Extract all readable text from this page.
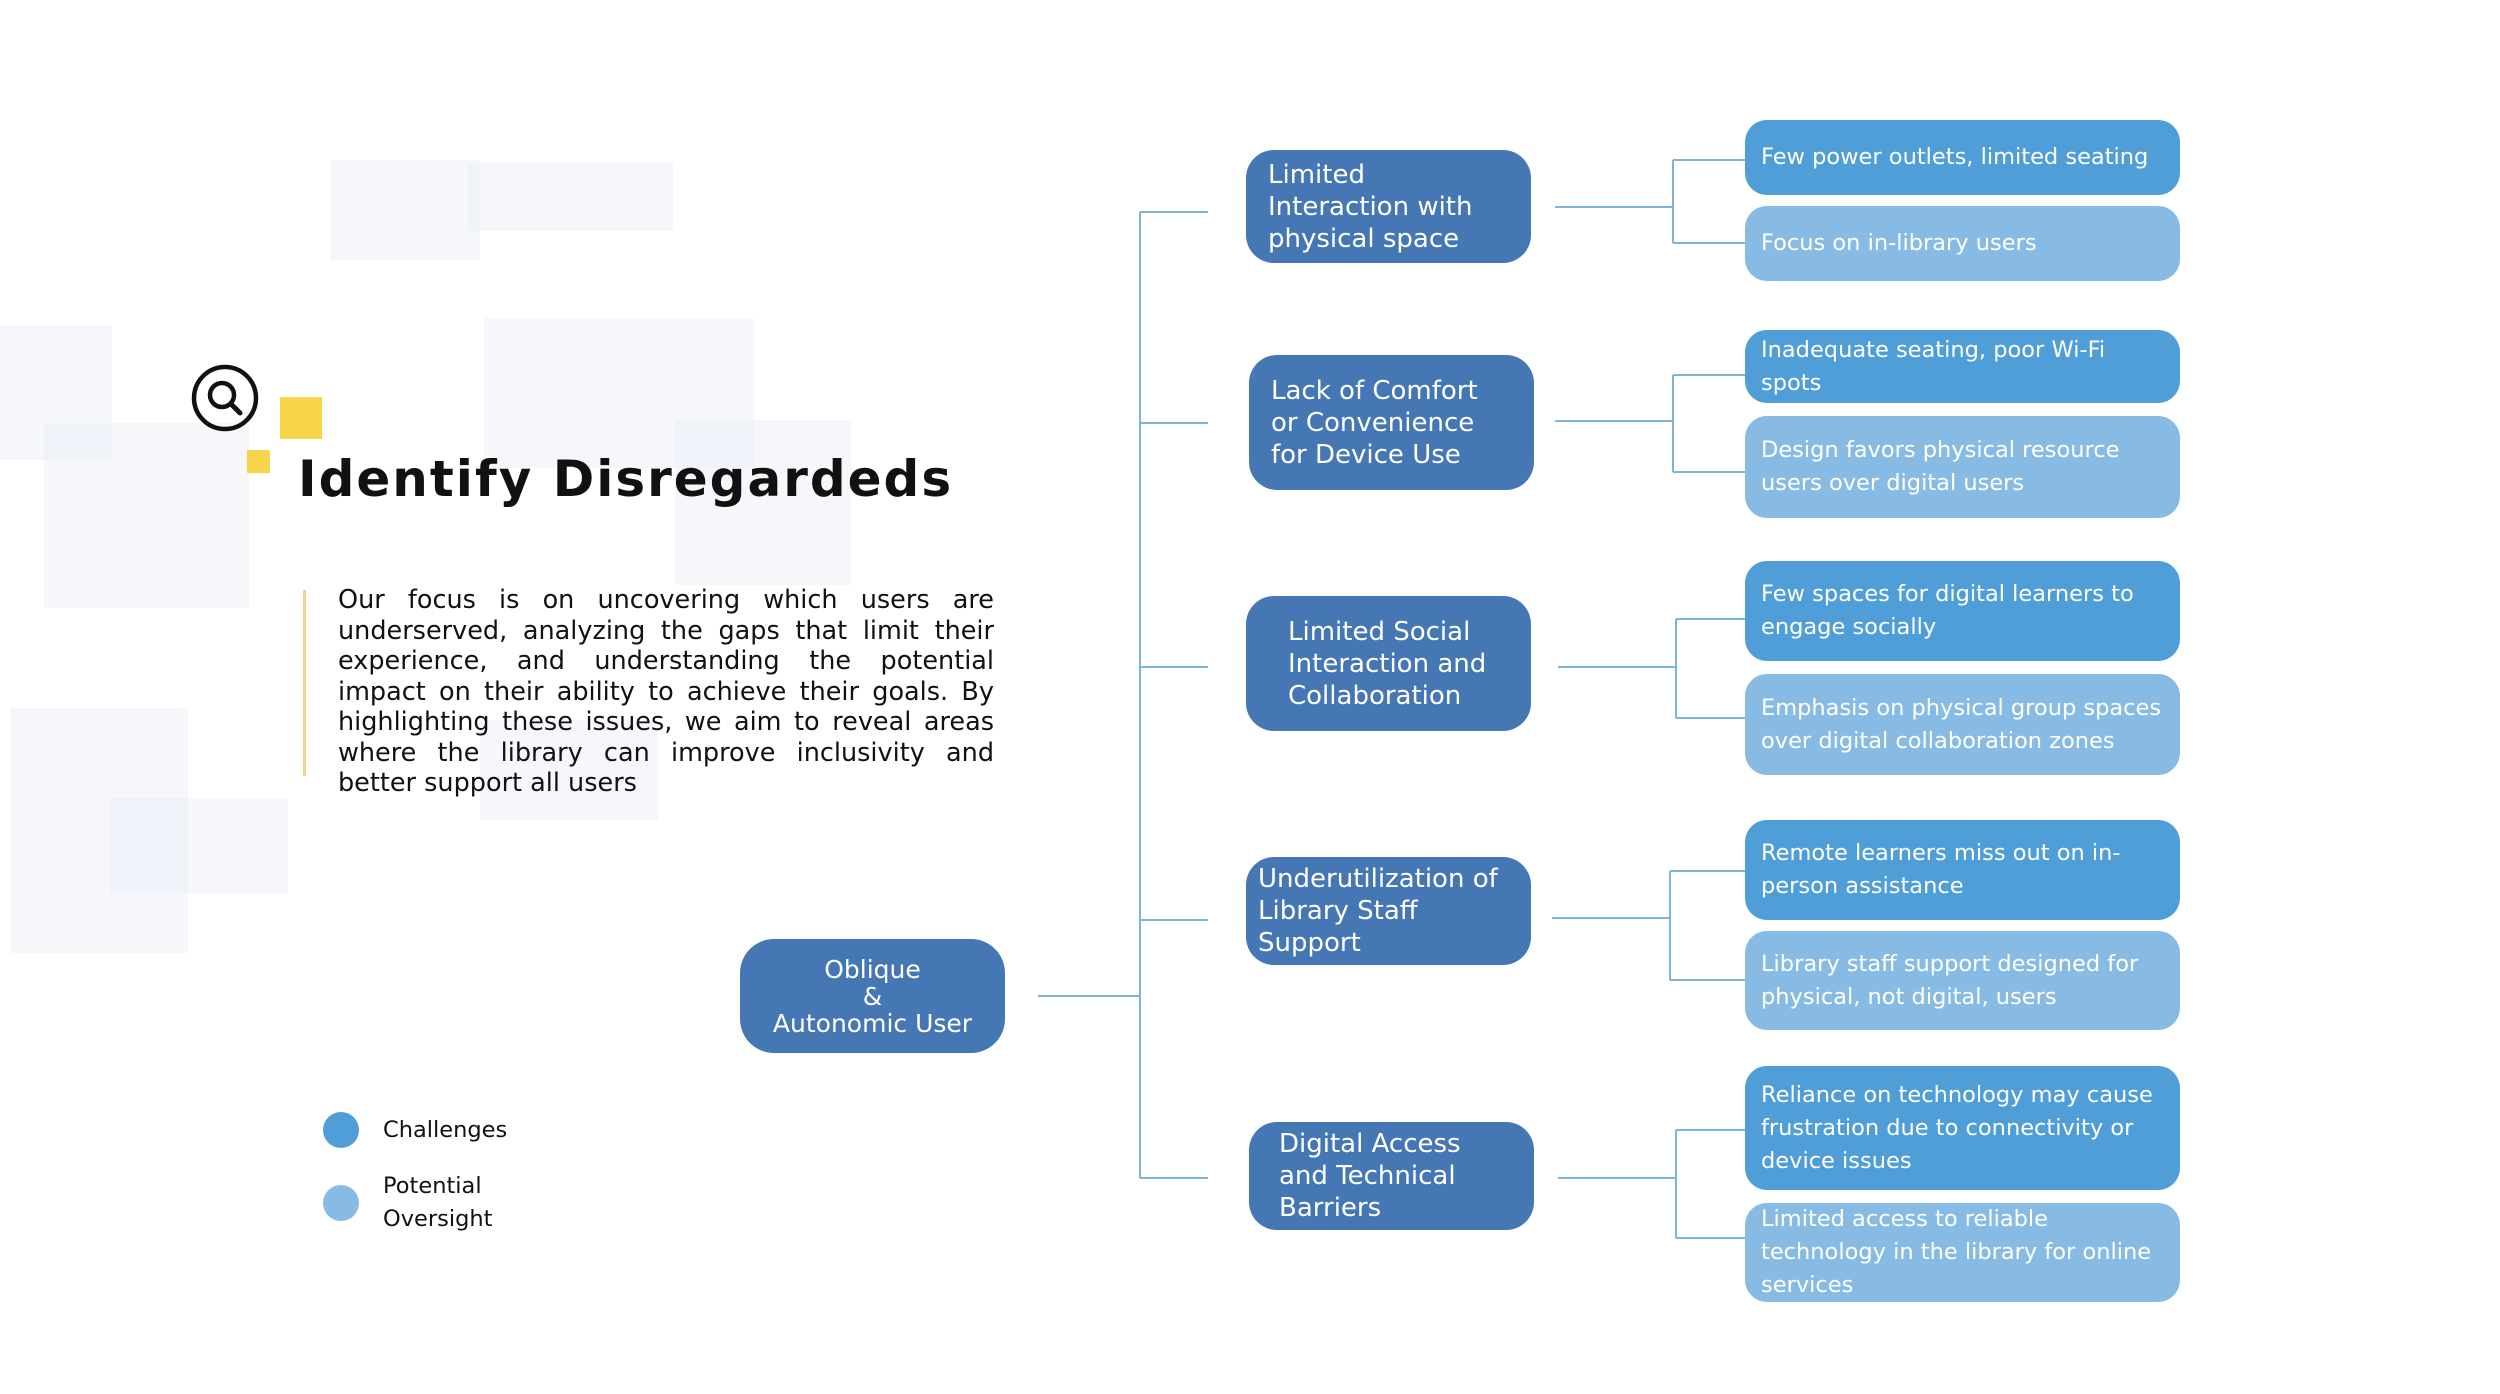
Identify Disregardeds

Our focus is on uncovering which users are underserved, analyzing the gaps that limit their experience, and understanding the potential impact on their ability to achieve their goals. By highlighting these issues, we aim to reveal areas where the library can improve inclusivity and better support all users

Oblique
&
Autonomic User
Limited Interaction with physical space
Lack of Comfort or Convenience for Device Use
Limited Social Interaction and Collaboration
Underutilization of Library Staff Support
Digital Access and Technical Barriers
Few power outlets, limited seating
Focus on in-library users
Inadequate seating, poor Wi-Fi spots
Design favors physical resource users over digital users
Few spaces for digital learners to engage socially
Emphasis on physical group spaces over digital collaboration zones
Remote learners miss out on in-person assistance
Library staff support designed for physical, not digital, users
Reliance on technology may cause frustration due to connectivity or device issues
Limited access to reliable technology in the library for online services

Challenges

Potential Oversight
